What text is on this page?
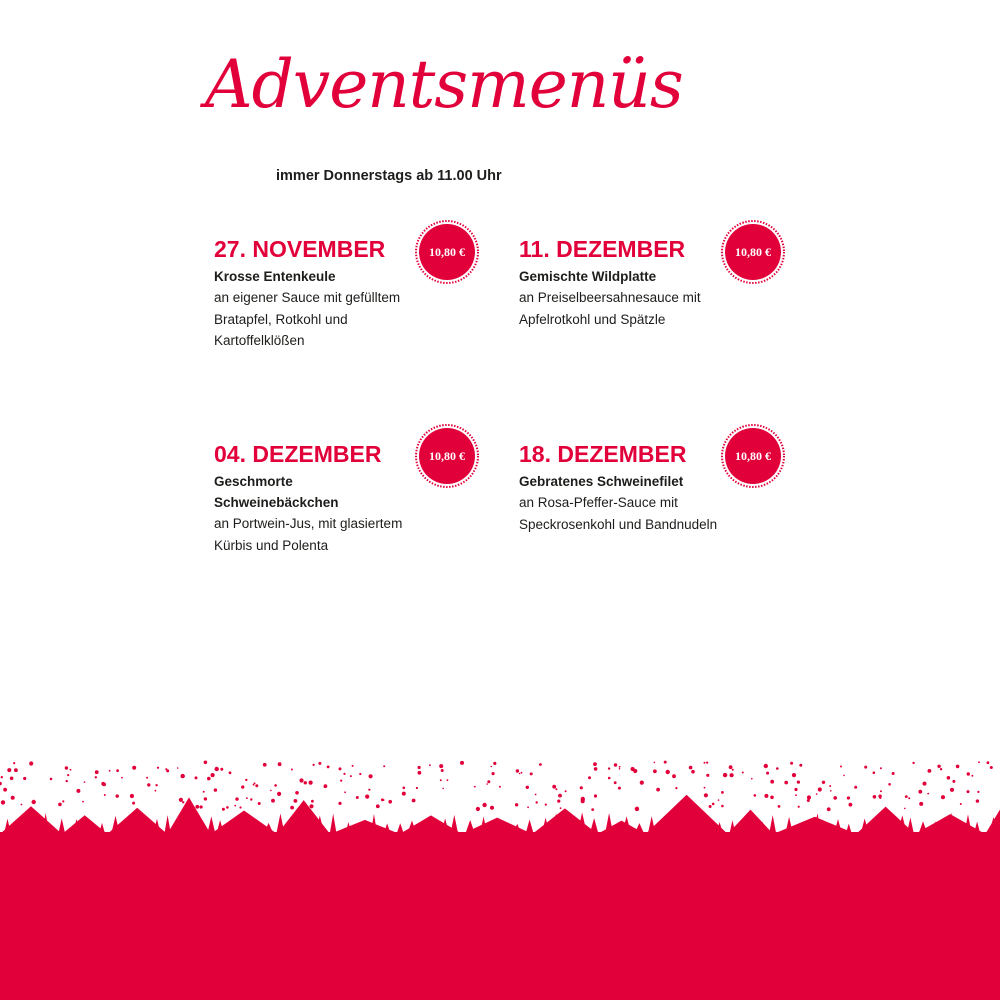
Adventsmenüs
immer Donnerstags ab 11.00 Uhr
27. NOVEMBER
Krosse Entenkeule
an eigener Sauce mit gefülltem Bratapfel, Rotkohl und Kartoffelklößen
10,80 €	11. DEZEMBER
Gemischte Wildplatte
an Preiselbeersahnesauce mit Apfelrotkohl und Spätzle
10,80 €
04. DEZEMBER
Geschmorte Schweinebäckchen
an Portwein-Jus, mit glasiertem Kürbis und Polenta
10,80 €	18. DEZEMBER
Gebratenes Schweinefilet
an Rosa-Pfeffer-Sauce mit Speckrosenkohl und Bandnudeln
10,80 €
